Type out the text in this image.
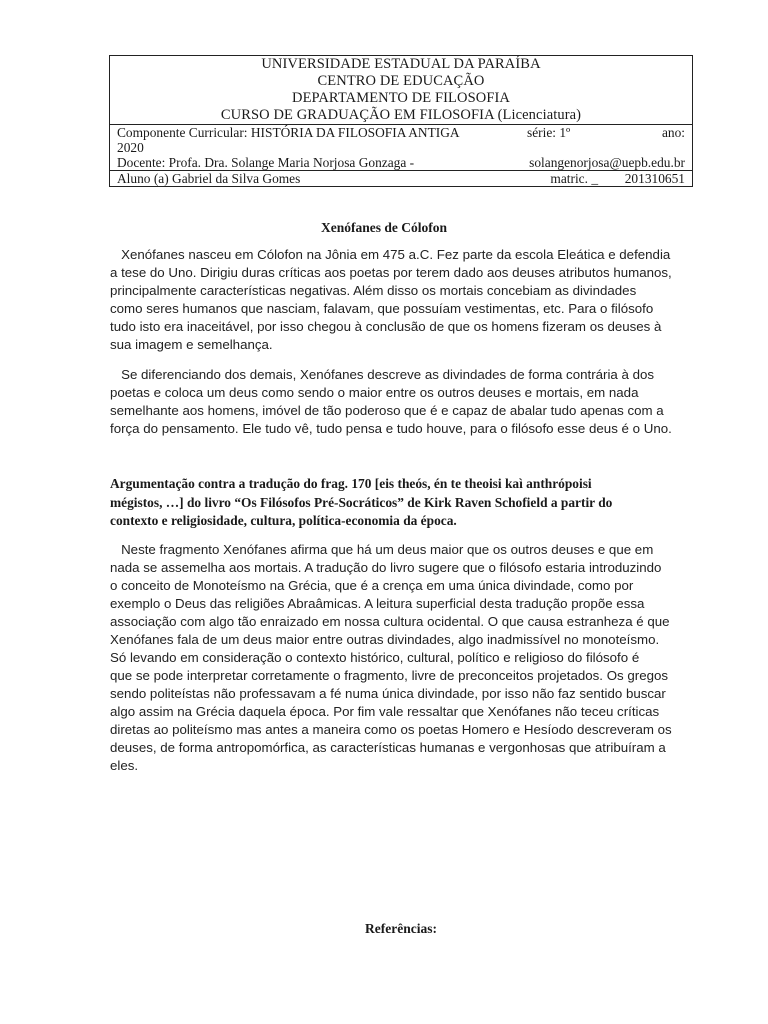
UNIVERSIDADE ESTADUAL DA PARAÍBA
CENTRO DE EDUCAÇÃO
DEPARTAMENTO DE FILOSOFIA
CURSO DE GRADUAÇÃO EM FILOSOFIA (Licenciatura)

Componente Curricular: HISTÓRIA DA FILOSOFIA ANTIGA	série: 1º	ano:
2020
Docente: Profa. Dra. Solange Maria Norjosa Gonzaga -	solangenorjosa@uepb.edu.br

Aluno (a) Gabriel da Silva Gomes	matric. _ 201310651
Xenófanes de Cólofon
Xenófanes nasceu em Cólofon na Jônia em 475 a.C. Fez parte da escola Eleática e defendia
a tese do Uno. Dirigiu duras críticas aos poetas por terem dado aos deuses atributos humanos,
principalmente características negativas. Além disso os mortais concebiam as divindades
como seres humanos que nasciam, falavam, que possuíam vestimentas, etc. Para o filósofo
tudo isto era inaceitável, por isso chegou à conclusão de que os homens fizeram os deuses à
sua imagem e semelhança.
Se diferenciando dos demais, Xenófanes descreve as divindades de forma contrária à dos
poetas e coloca um deus como sendo o maior entre os outros deuses e mortais, em nada
semelhante aos homens, imóvel de tão poderoso que é e capaz de abalar tudo apenas com a
força do pensamento. Ele tudo vê, tudo pensa e tudo houve, para o filósofo esse deus é o Uno.
Argumentação contra a tradução do frag. 170 [eis theós, én te theoisi kaì anthrópoisi
mégistos, …] do livro “Os Filósofos Pré-Socráticos” de Kirk Raven Schofield a partir do
contexto e religiosidade, cultura, política-economia da época.
Neste fragmento Xenófanes afirma que há um deus maior que os outros deuses e que em
nada se assemelha aos mortais. A tradução do livro sugere que o filósofo estaria introduzindo
o conceito de Monoteísmo na Grécia, que é a crença em uma única divindade, como por
exemplo o Deus das religiões Abraâmicas. A leitura superficial desta tradução propõe essa
associação com algo tão enraizado em nossa cultura ocidental. O que causa estranheza é que
Xenófanes fala de um deus maior entre outras divindades, algo inadmissível no monoteísmo.
Só levando em consideração o contexto histórico, cultural, político e religioso do filósofo é
que se pode interpretar corretamente o fragmento, livre de preconceitos projetados. Os gregos
sendo politeístas não professavam a fé numa única divindade, por isso não faz sentido buscar
algo assim na Grécia daquela época. Por fim vale ressaltar que Xenófanes não teceu críticas
diretas ao politeísmo mas antes a maneira como os poetas Homero e Hesíodo descreveram os
deuses, de forma antropomórfica, as características humanas e vergonhosas que atribuíram a
eles.
Referências:
